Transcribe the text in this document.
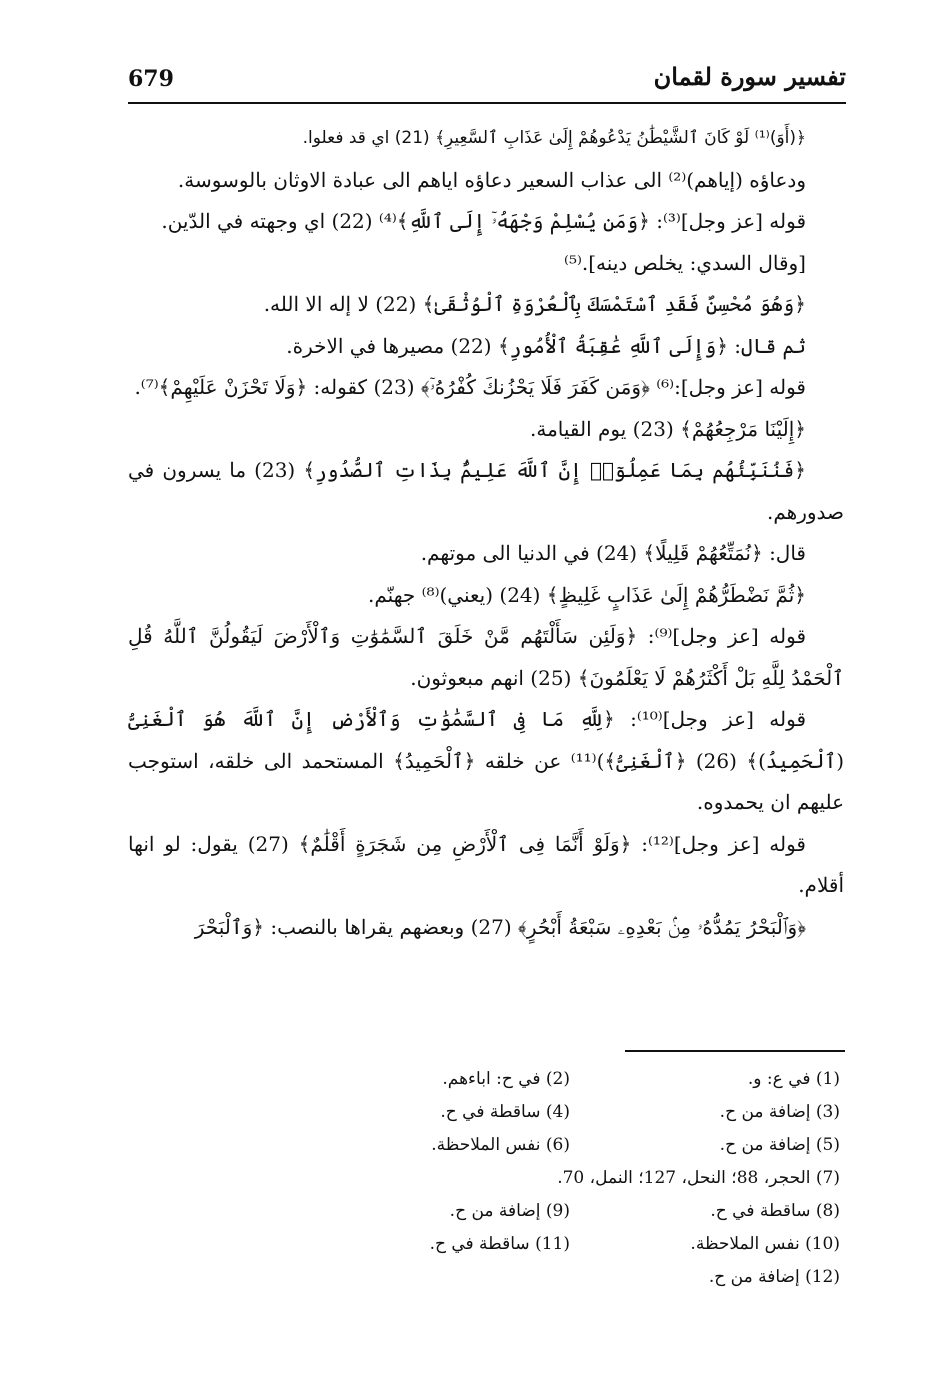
679	تفسير سورة لقمان

﴿(أَوَ)⁽¹⁾ لَوْ كَانَ ٱلشَّيْطَٰنُ يَدْعُوهُمْ إِلَىٰ عَذَابِ ٱلسَّعِيرِ﴾ (21) اي قد فعلوا.

ودعاؤه (إياهم)⁽²⁾ الى عذاب السعير دعاؤه اياهم الى عبادة الاوثان بالوسوسة.

قوله [عز وجل]⁽³⁾: ﴿وَمَن يُسْلِمْ وَجْهَهُۥٓ إِلَى ٱللَّهِ﴾⁽⁴⁾ (22) اي وجهته في الدّين.

[وقال السدي: يخلص دينه].⁽⁵⁾

﴿وَهُوَ مُحْسِنٌ فَقَدِ ٱسْتَمْسَكَ بِٱلْعُرْوَةِ ٱلْوُثْقَىٰ﴾ (22) لا إله الا الله.

ثم قال: ﴿وَإِلَى ٱللَّهِ عَٰقِبَةُ ٱلْأُمُورِ﴾ (22) مصيرها في الاخرة.

قوله [عز وجل]:⁽⁶⁾ ﴿وَمَن كَفَرَ فَلَا يَحْزُنكَ كُفْرُهُۥٓ﴾ (23) كقوله: ﴿وَلَا تَحْزَنْ عَلَيْهِمْ﴾⁽⁷⁾.

﴿إِلَيْنَا مَرْجِعُهُمْ﴾ (23) يوم القيامة.

﴿فَنُنَبِّئُهُم بِمَا عَمِلُوٓا۟ إِنَّ ٱللَّهَ عَلِيمٌۢ بِذَاتِ ٱلصُّدُورِ﴾ (23) ما يسرون في صدورهم.

قال: ﴿نُمَتِّعُهُمْ قَلِيلًا﴾ (24) في الدنيا الى موتهم.

﴿ثُمَّ نَضْطَرُّهُمْ إِلَىٰ عَذَابٍ غَلِيظٍ﴾ (24) (يعني)⁽⁸⁾ جهنّم.

قوله [عز وجل]⁽⁹⁾: ﴿وَلَئِن سَأَلْتَهُم مَّنْ خَلَقَ ٱلسَّمَٰوَٰتِ وَٱلْأَرْضَ لَيَقُولُنَّ ٱللَّهُ قُلِ ٱلْحَمْدُ لِلَّهِ بَلْ أَكْثَرُهُمْ لَا يَعْلَمُونَ﴾ (25) انهم مبعوثون.

قوله [عز وجل]⁽¹⁰⁾: ﴿لِلَّهِ مَا فِى ٱلسَّمَٰوَٰتِ وَٱلْأَرْضِ إِنَّ ٱللَّهَ هُوَ ٱلْغَنِىُّ (ٱلْحَمِيدُ)﴾ (26) ﴿ٱلْغَنِىُّ﴾)⁽¹¹⁾ عن خلقه ﴿ٱلْحَمِيدُ﴾ المستحمد الى خلقه، استوجب عليهم ان يحمدوه.

قوله [عز وجل]⁽¹²⁾: ﴿وَلَوْ أَنَّمَا فِى ٱلْأَرْضِ مِن شَجَرَةٍ أَقْلَٰمٌ﴾ (27) يقول: لو انها أقلام.

﴿وَٱلْبَحْرُ يَمُدُّهُۥ مِنۢ بَعْدِهِۦ سَبْعَةُ أَبْحُرٍ﴾ (27) وبعضهم يقراها بالنصب: ﴿وَٱلْبَحْرَ

(1) في ع: و.
(2) في ح: اباءهم.
(3) إضافة من ح.
(4) ساقطة في ح.
(5) إضافة من ح.
(6) نفس الملاحظة.
(7) الحجر، 88؛ النحل، 127؛ النمل، 70.
(8) ساقطة في ح.
(9) إضافة من ح.
(10) نفس الملاحظة.
(11) ساقطة في ح.
(12) إضافة من ح.
